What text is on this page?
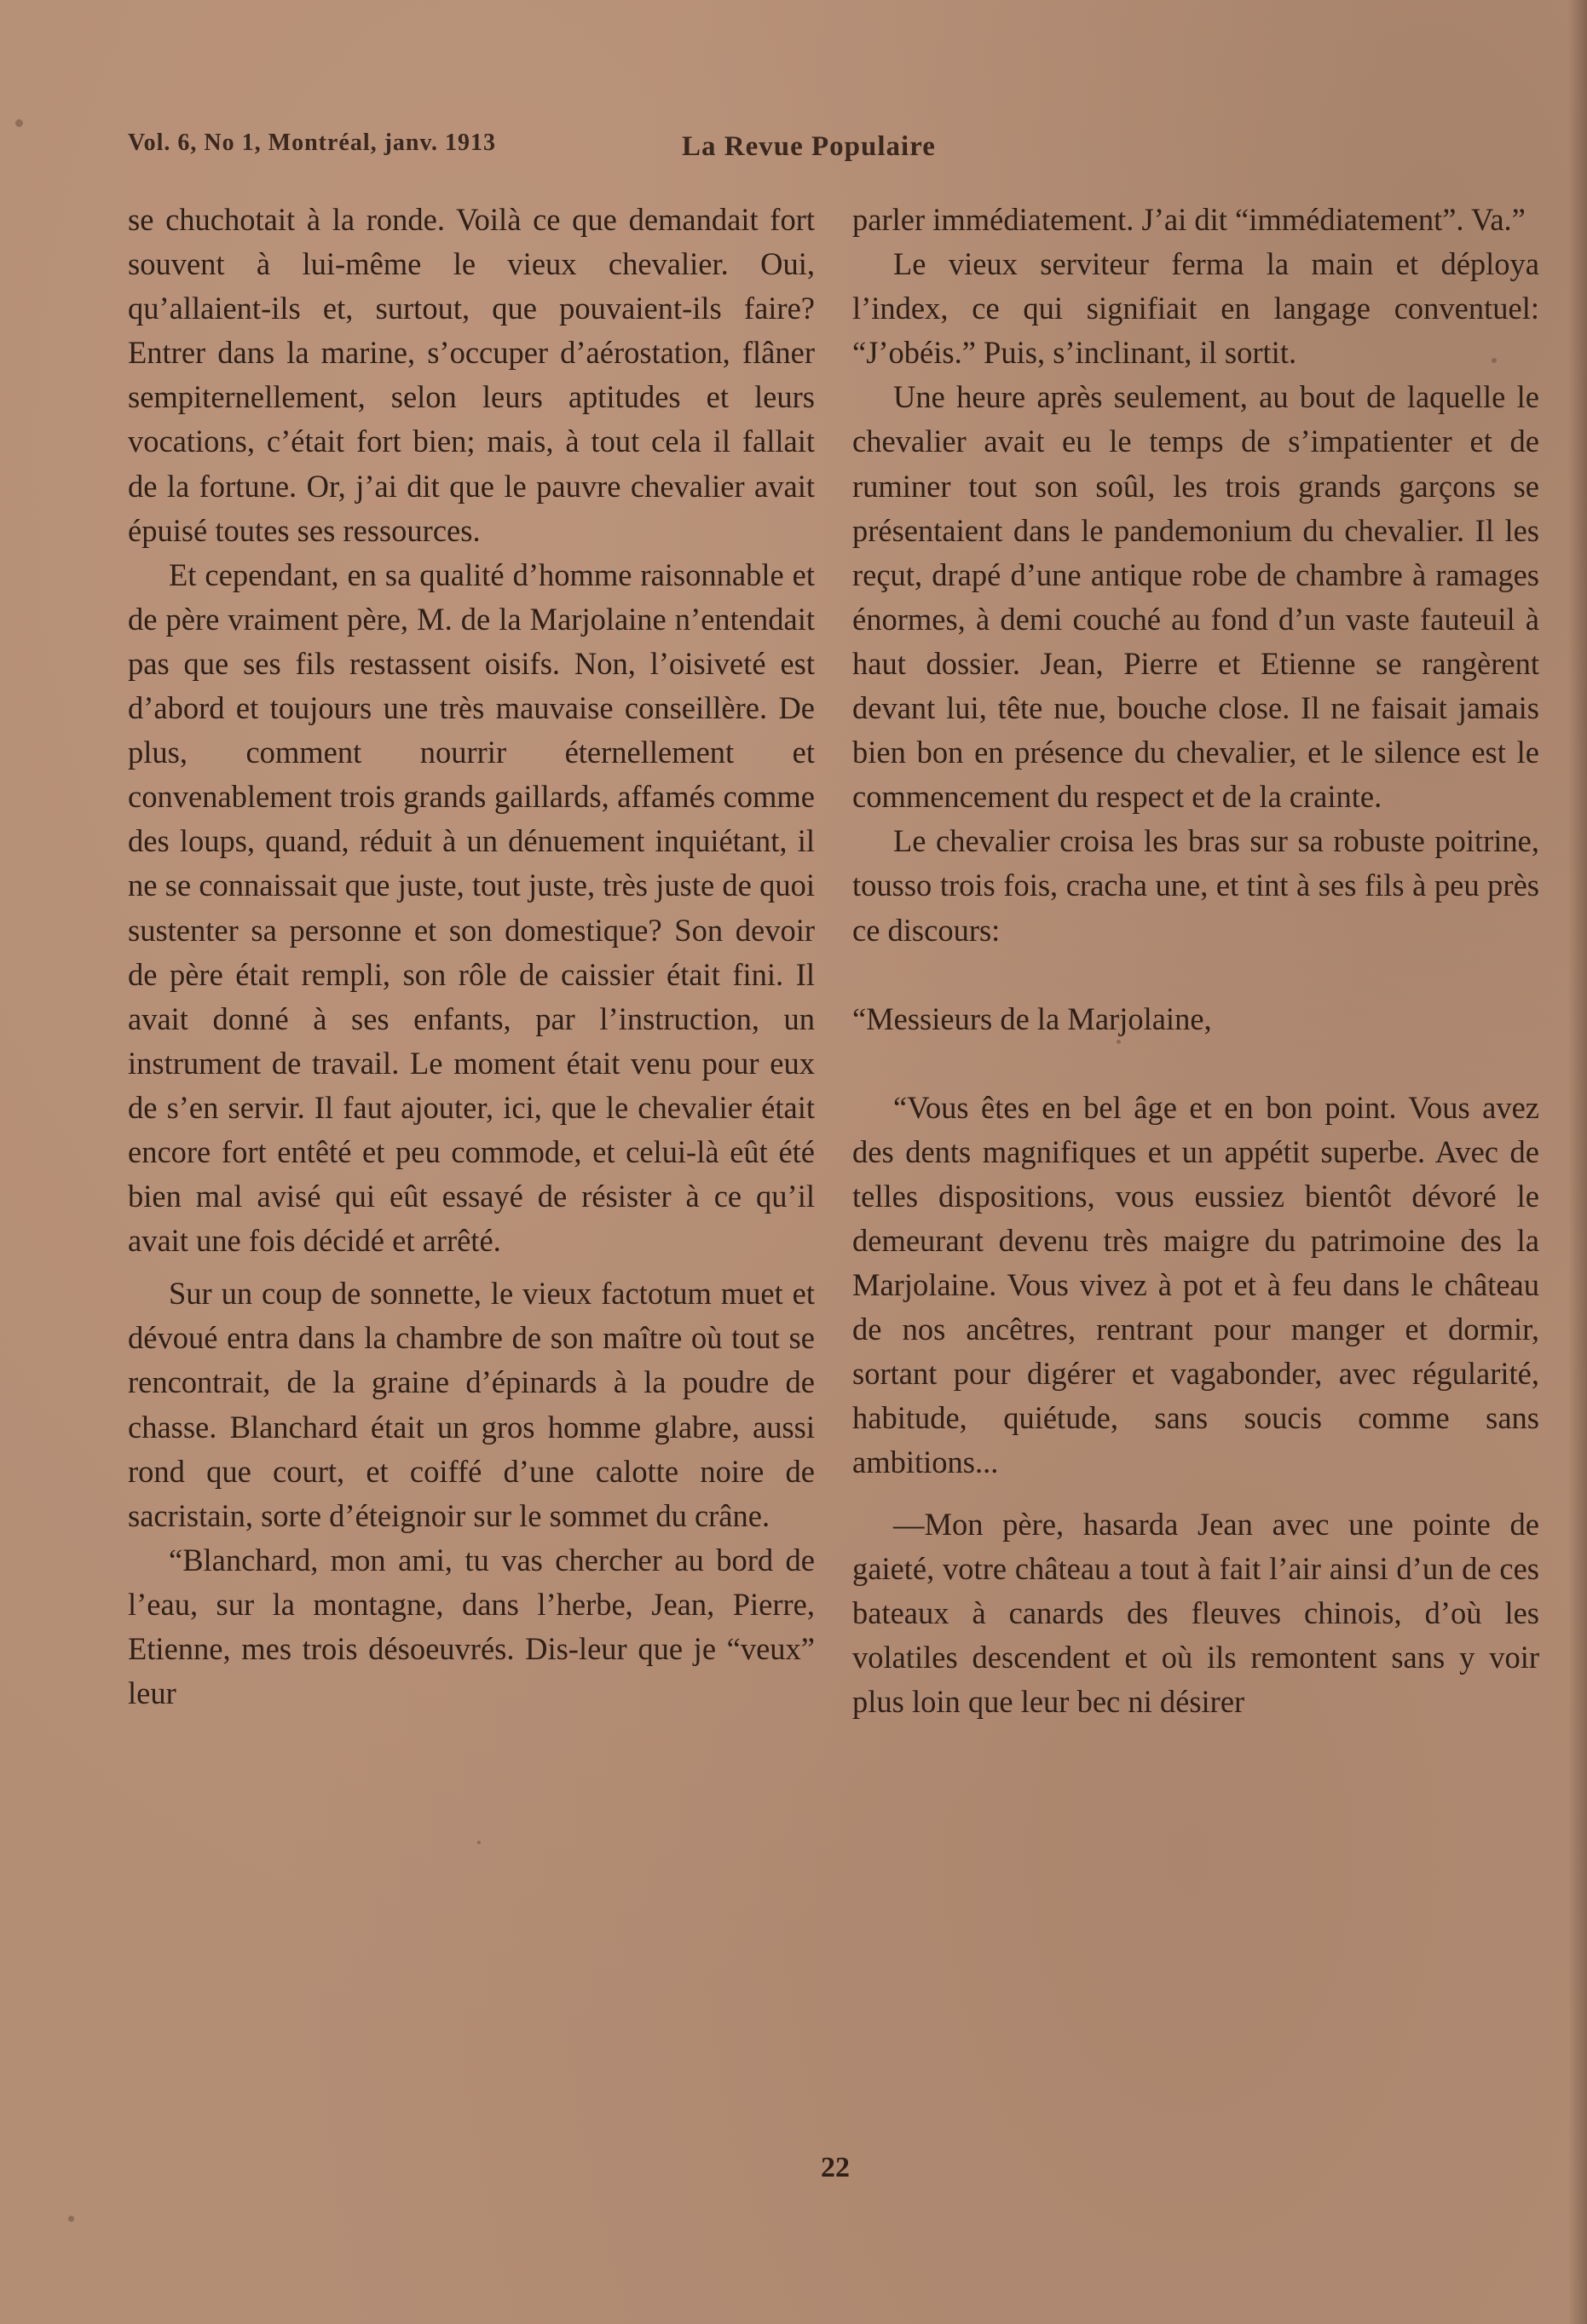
Vol. 6, No 1, Montréal, janv. 1913	La Revue Populaire

se chuchotait à la ronde. Voilà ce que demandait fort souvent à lui-même le vieux chevalier. Oui, qu’allaient-ils et, surtout, que pouvaient-ils faire? Entrer dans la marine, s’occuper d’aérostation, flâner sempiternellement, selon leurs aptitudes et leurs vocations, c’était fort bien; mais, à tout cela il fallait de la fortune. Or, j’ai dit que le pauvre chevalier avait épuisé toutes ses ressources.

Et cependant, en sa qualité d’homme raisonnable et de père vraiment père, M. de la Marjolaine n’entendait pas que ses fils restassent oisifs. Non, l’oisiveté est d’abord et toujours une très mauvaise conseillère. De plus, comment nourrir éternellement et convenablement trois grands gaillards, affamés comme des loups, quand, réduit à un dénuement inquiétant, il ne se connaissait que juste, tout juste, très juste de quoi sustenter sa personne et son domestique? Son devoir de père était rempli, son rôle de caissier était fini. Il avait donné à ses enfants, par l’instruction, un instrument de travail. Le moment était venu pour eux de s’en servir. Il faut ajouter, ici, que le chevalier était encore fort entêté et peu commode, et celui-là eût été bien mal avisé qui eût essayé de résister à ce qu’il avait une fois décidé et arrêté.

Sur un coup de sonnette, le vieux factotum muet et dévoué entra dans la chambre de son maître où tout se rencontrait, de la graine d’épinards à la poudre de chasse. Blanchard était un gros homme glabre, aussi rond que court, et coiffé d’une calotte noire de sacristain, sorte d’éteignoir sur le sommet du crâne.

“Blanchard, mon ami, tu vas chercher au bord de l’eau, sur la montagne, dans l’herbe, Jean, Pierre, Etienne, mes trois désoeuvrés. Dis-leur que je “veux” leur

parler immédiatement. J’ai dit “immédiatement”. Va.”

Le vieux serviteur ferma la main et déploya l’index, ce qui signifiait en langage conventuel: “J’obéis.” Puis, s’inclinant, il sortit.

Une heure après seulement, au bout de laquelle le chevalier avait eu le temps de s’impatienter et de ruminer tout son soûl, les trois grands garçons se présentaient dans le pandemonium du chevalier. Il les reçut, drapé d’une antique robe de chambre à ramages énormes, à demi couché au fond d’un vaste fauteuil à haut dossier. Jean, Pierre et Etienne se rangèrent devant lui, tête nue, bouche close. Il ne faisait jamais bien bon en présence du chevalier, et le silence est le commencement du respect et de la crainte.

Le chevalier croisa les bras sur sa robuste poitrine, tousso trois fois, cracha une, et tint à ses fils à peu près ce discours:

“Messieurs de la Marjolaine,

“Vous êtes en bel âge et en bon point. Vous avez des dents magnifiques et un appétit superbe. Avec de telles dispositions, vous eussiez bientôt dévoré le demeurant devenu très maigre du patrimoine des la Marjolaine. Vous vivez à pot et à feu dans le château de nos ancêtres, rentrant pour manger et dormir, sortant pour digérer et vagabonder, avec régularité, habitude, quiétude, sans soucis comme sans ambitions...

—Mon père, hasarda Jean avec une pointe de gaieté, votre château a tout à fait l’air ainsi d’un de ces bateaux à canards des fleuves chinois, d’où les volatiles descendent et où ils remontent sans y voir plus loin que leur bec ni désirer

22
